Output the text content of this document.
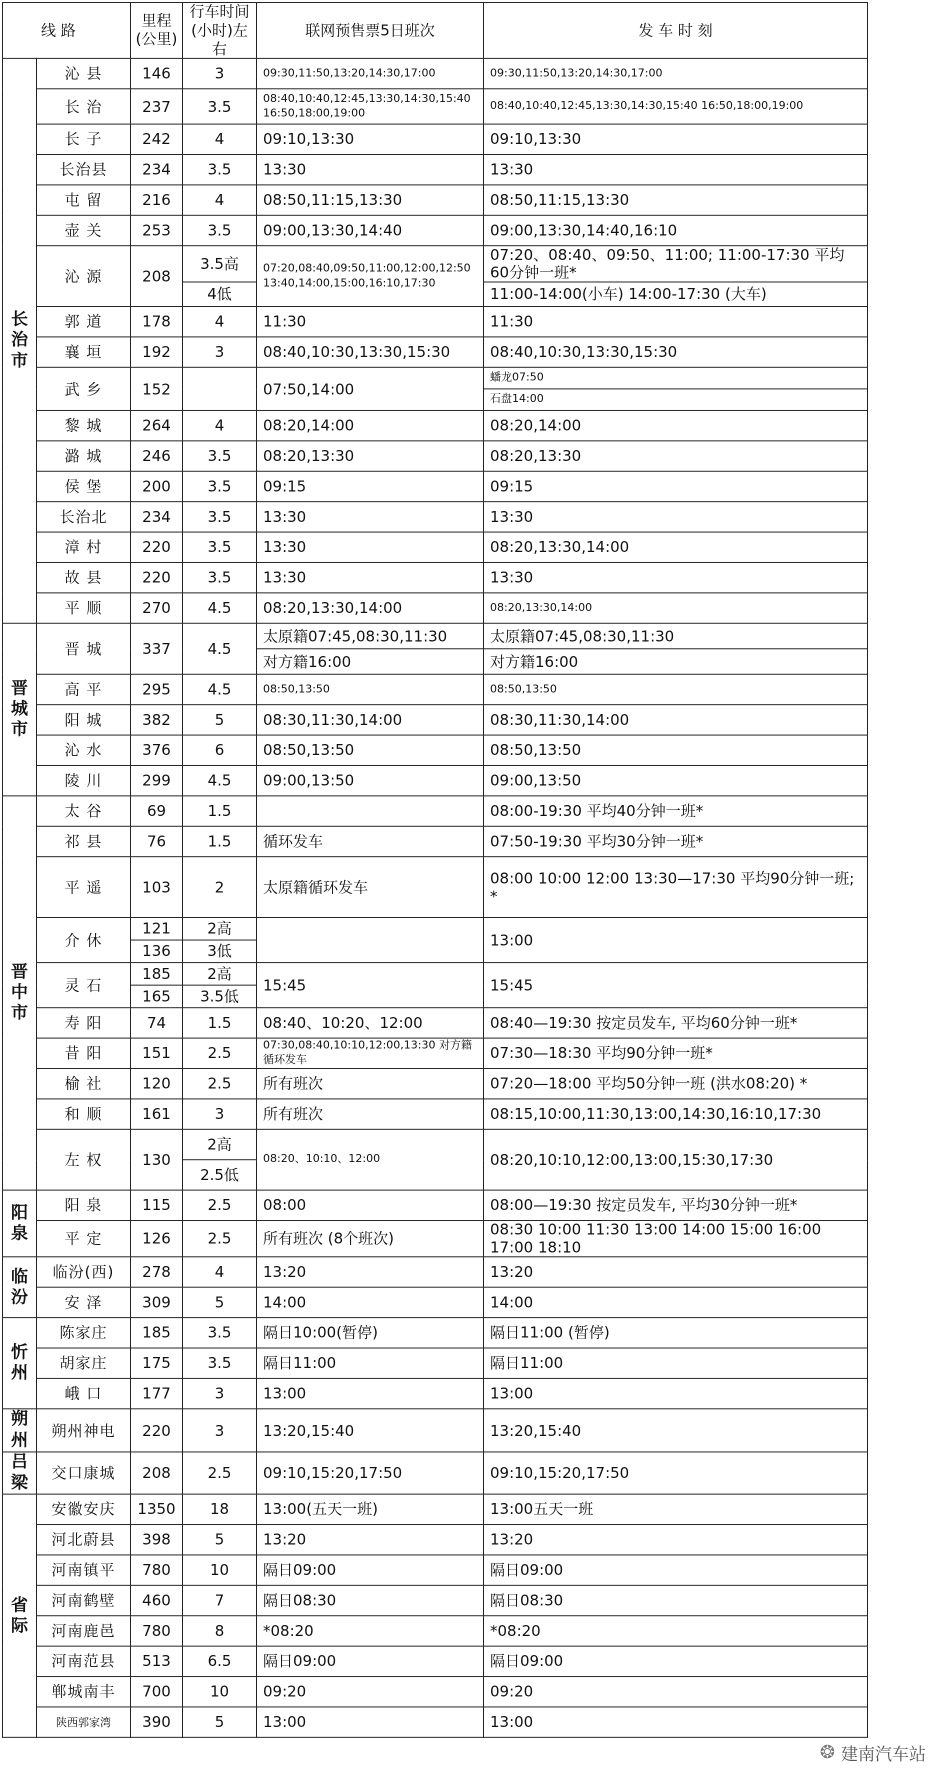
线 路		里程
(公里)	行车时间
(小时)左右	联网预售票5日班次	发 车 时 刻
长治市	沁 县	146	3	09:30,11:50,13:20,14:30,17:00	09:30,11:50,13:20,14:30,17:00
	长 治	237	3.5	08:40,10:40,12:45,13:30,14:30,15:40 16:50,18:00,19:00	08:40,10:40,12:45,13:30,14:30,15:40 16:50,18:00,19:00
	长 子	242	4	09:10,13:30	09:10,13:30
	长治县	234	3.5	13:30	13:30
	屯 留	216	4	08:50,11:15,13:30	08:50,11:15,13:30
	壶 关	253	3.5	09:00,13:30,14:40	09:00,13:30,14:40,16:10
	沁 源	208	3.5高	07:20,08:40,09:50,11:00,12:00,12:50 13:40,14:00,15:00,16:10,17:30	07:20、08:40、09:50、11:00; 11:00-17:30 平均60分钟一班*
			4低		11:00-14:00(小车) 14:00-17:30 (大车)
	郭 道	178	4	11:30	11:30
	襄 垣	192	3	08:40,10:30,13:30,15:30	08:40,10:30,13:30,15:30
	武 乡	152		07:50,14:00	蟠龙07:50
					石盘14:00
	黎 城	264	4	08:20,14:00	08:20,14:00
	潞 城	246	3.5	08:20,13:30	08:20,13:30
	侯 堡	200	3.5	09:15	09:15
	长治北	234	3.5	13:30	13:30
	漳 村	220	3.5	13:30	08:20,13:30,14:00
	故 县	220	3.5	13:30	13:30
	平 顺	270	4.5	08:20,13:30,14:00	08:20,13:30,14:00
晋城市	晋 城	337	4.5	太原籍07:45,08:30,11:30	太原籍07:45,08:30,11:30
				对方籍16:00	对方籍16:00
	高 平	295	4.5	08:50,13:50	08:50,13:50
	阳 城	382	5	08:30,11:30,14:00	08:30,11:30,14:00
	沁 水	376	6	08:50,13:50	08:50,13:50
	陵 川	299	4.5	09:00,13:50	09:00,13:50
晋中市	太 谷	69	1.5		08:00-19:30 平均40分钟一班*
	祁 县	76	1.5	循环发车	07:50-19:30 平均30分钟一班*
	平 遥	103	2	太原籍循环发车	08:00 10:00 12:00 13:30—17:30 平均90分钟一班; *
	介 休	121	2高		13:00
		136	3低		
	灵 石	185	2高	15:45	15:45
		165	3.5低		
	寿 阳	74	1.5	08:40、10:20、12:00	08:40—19:30 按定员发车, 平均60分钟一班*
	昔 阳	151	2.5	07:30,08:40,10:10,12:00,13:30 对方籍循环发车	07:30—18:30 平均90分钟一班*
	榆 社	120	2.5	所有班次	07:20—18:00 平均50分钟一班 (洪水08:20) *
	和 顺	161	3	所有班次	08:15,10:00,11:30,13:00,14:30,16:10,17:30
	左 权	130	2高	08:20、10:10、12:00	08:20,10:10,12:00,13:00,15:30,17:30
			2.5低		
阳泉	阳 泉	115	2.5	08:00	08:00—19:30 按定员发车, 平均30分钟一班*
	平 定	126	2.5	所有班次 (8个班次)	08:30 10:00 11:30 13:00 14:00 15:00 16:00 17:00 18:10
临汾	临汾(西)	278	4	13:20	13:20
	安 泽	309	5	14:00	14:00
忻州	陈家庄	185	3.5	隔日10:00(暂停)	隔日11:00 (暂停)
	胡家庄	175	3.5	隔日11:00	隔日11:00
	峨 口	177	3	13:00	13:00
朔州	朔州神电	220	3	13:20,15:40	13:20,15:40
吕梁	交口康城	208	2.5	09:10,15:20,17:50	09:10,15:20,17:50
省际	安徽安庆	1350	18	13:00(五天一班)	13:00五天一班
	河北蔚县	398	5	13:20	13:20
	河南镇平	780	10	隔日09:00	隔日09:00
	河南鹤壁	460	7	隔日08:30	隔日08:30
	河南鹿邑	780	8	*08:20	*08:20
	河南范县	513	6.5	隔日09:00	隔日09:00
	郸城南丰	700	10	09:20	09:20
	陕西郭家湾	390	5	13:00	13:00
❂ 建南汽车站
